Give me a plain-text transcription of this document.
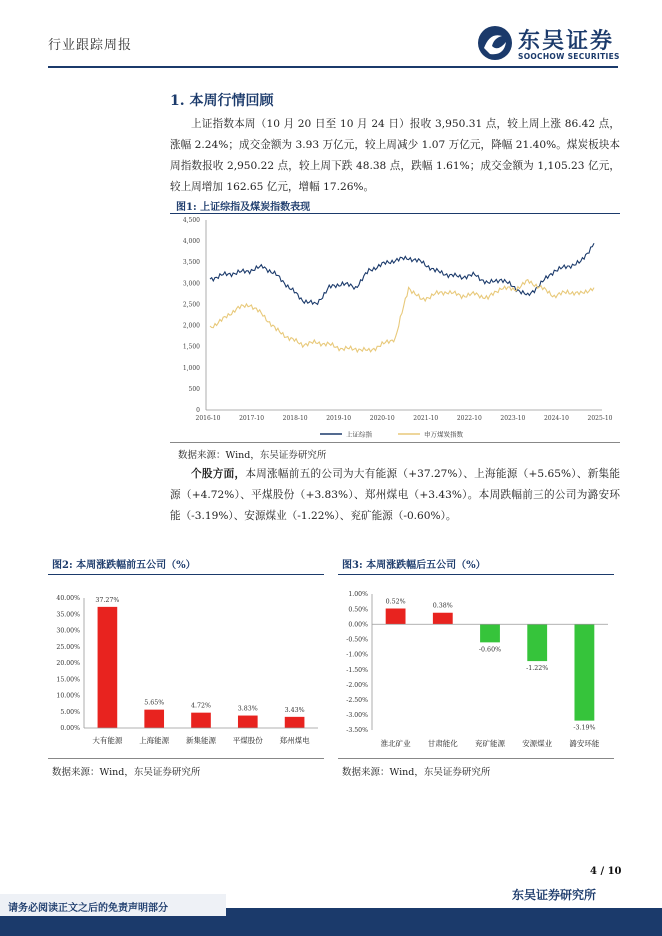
行业跟踪周报	东吴证券
SOOCHOW SECURITIES
1. 本周行情回顾
上证指数本周（10 月 20 日至 10 月 24 日）报收 3,950.31 点，较上周上涨 86.42 点，涨幅 2.24%；成交金额为 3.93 万亿元，较上周减少 1.07 万亿元，降幅 21.40%。煤炭板块本周指数报收 2,950.22 点，较上周下跌 48.38 点，跌幅 1.61%；成交金额为 1,105.23 亿元，较上周增加 162.65 亿元，增幅 17.26%。
图1: 上证综指及煤炭指数表现
4,500
4,000
3,500
3,000
2,500
2,000
1,500
1,000
500
0
2016-10	2017-10	2018-10	2019-10	2020-10	2021-10	2022-10	2023-10	2024-10	2025-10
上证综指	申万煤炭指数
数据来源：Wind，东吴证券研究所
个股方面，本周涨幅前五的公司为大有能源（+37.27%）、上海能源（+5.65%）、新集能源（+4.72%）、平煤股份（+3.83%）、郑州煤电（+3.43%）。本周跌幅前三的公司为潞安环能（-3.19%）、安源煤业（-1.22%）、兖矿能源（-0.60%）。
图2: 本周涨跌幅前五公司（%）
40.00%
35.00%
30.00%
25.00%
20.00%
15.00%
10.00%
5.00%
0.00%
37.27%
大有能源
5.65%
上海能源
4.72%
新集能源
3.83%
平煤股份
3.43%
郑州煤电
数据来源：Wind，东吴证券研究所
图3: 本周涨跌幅后五公司（%）
1.00%
0.50%
0.00%
-0.50%
-1.00%
-1.50%
-2.00%
-2.50%
-3.00%
-3.50%
0.52%
淮北矿业
0.38%
甘肃能化
-0.60%
兖矿能源
-1.22%
安源煤业
-3.19%
潞安环能
数据来源：Wind，东吴证券研究所
4 / 10
东吴证券研究所
请务必阅读正文之后的免责声明部分
